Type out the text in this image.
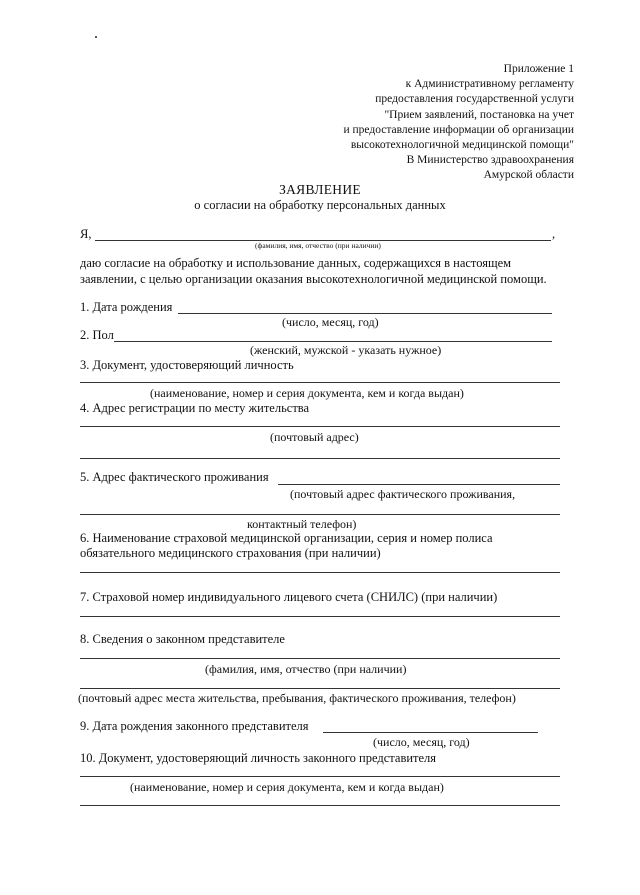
Приложение 1
к Административному регламенту
предоставления государственной услуги
"Прием заявлений, постановка на учет
и предоставление информации об организации
высокотехнологичной медицинской помощи"
В Министерство здравоохранения
Амурской области
ЗАЯВЛЕНИЕ
о согласии на обработку персональных данных
Я,	,
(фамилия, имя, отчество (при наличии)
даю согласие на обработку и использование данных, содержащихся в настоящем
заявлении, с целью организации оказания высокотехнологичной медицинской помощи.
1. Дата рождения
(число, месяц, год)
2. Пол
(женский, мужской - указать нужное)
3. Документ, удостоверяющий личность
(наименование, номер и серия документа, кем и когда выдан)
4. Адрес регистрации по месту жительства
(почтовый адрес)
5. Адрес фактического проживания
(почтовый адрес фактического проживания,
контактный телефон)
6. Наименование страховой медицинской организации, серия и номер полиса
обязательного медицинского страхования (при наличии)
7. Страховой номер индивидуального лицевого счета (СНИЛС) (при наличии)
8. Сведения о законном представителе
(фамилия, имя, отчество (при наличии)
(почтовый адрес места жительства, пребывания, фактического проживания, телефон)
9. Дата рождения законного представителя
(число, месяц, год)
10. Документ, удостоверяющий личность законного представителя
(наименование, номер и серия документа, кем и когда выдан)
